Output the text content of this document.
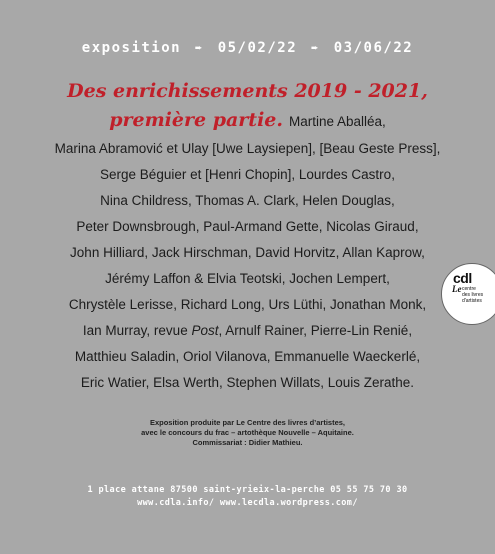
exposition ➨ 05/02/22 ➨ 03/06/22
Des enrichissements 2019 - 2021,
première partie. Martine Aballéa,
Marina Abramović et Ulay [Uwe Laysiepen], [Beau Geste Press],
Serge Béguier et [Henri Chopin], Lourdes Castro,
Nina Childress, Thomas A. Clark, Helen Douglas,
Peter Downsbrough, Paul-Armand Gette, Nicolas Giraud,
John Hilliard, Jack Hirschman, David Horvitz, Allan Kaprow,
Jérémy Laffon & Elvia Teotski, Jochen Lempert,
Chrystèle Lerisse, Richard Long, Urs Lüthi, Jonathan Monk,
Ian Murray, revue Post, Arnulf Rainer, Pierre-Lin Renié,
Matthieu Saladin, Oriol Vilanova, Emmanuelle Waeckerlé,
Eric Watier, Elsa Werth, Stephen Willats, Louis Zerathe.
Exposition produite par Le Centre des livres d’artistes,
avec le concours du frac – artothèque Nouvelle – Aquitaine.
Commissariat : Didier Mathieu.
1 place attane 87500 saint-yrieix-la-perche 05 55 75 70 30
www.cdla.info/ www.lecdla.wordpress.com/
cdl
Le centre
des livres
d'artistes
